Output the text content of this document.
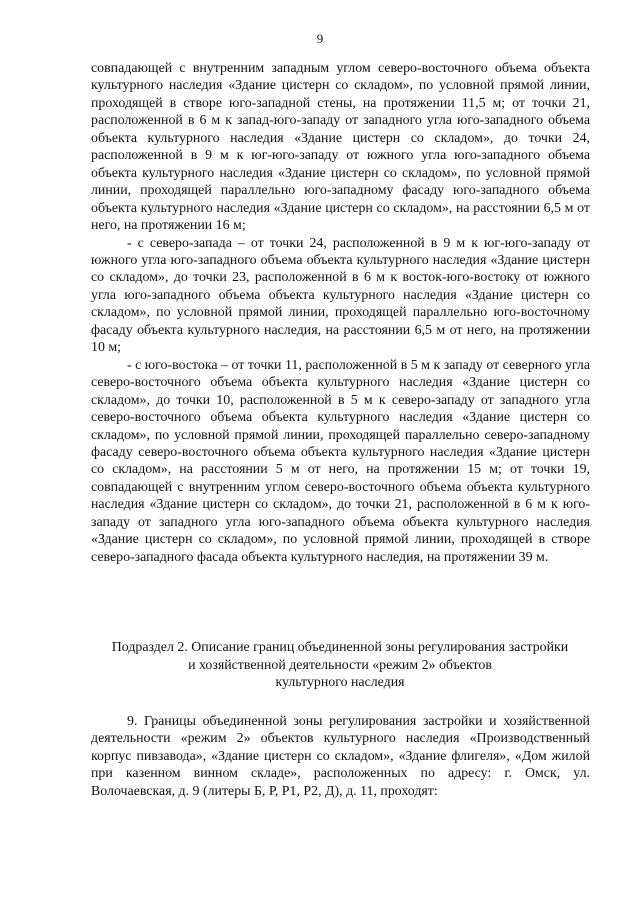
9

совпадающей с внутренним западным углом северо-восточного объема объекта культурного наследия «Здание цистерн со складом», по условной прямой линии, проходящей в створе юго-западной стены, на протяжении 11,5 м; от точки 21, расположенной в 6 м к запад-юго-западу от западного угла юго-западного объема объекта культурного наследия «Здание цистерн со складом», до точки 24, расположенной в 9 м к юг-юго-западу от южного угла юго-западного объема объекта культурного наследия «Здание цистерн со складом», по условной прямой линии, проходящей параллельно юго-западному фасаду юго-западного объема объекта культурного наследия «Здание цистерн со складом», на расстоянии 6,5 м от него, на протяжении 16 м;

- с северо-запада – от точки 24, расположенной в 9 м к юг-юго-западу от южного угла юго-западного объема объекта культурного наследия «Здание цистерн со складом», до точки 23, расположенной в 6 м к восток-юго-востоку от южного угла юго-западного объема объекта культурного наследия «Здание цистерн со складом», по условной прямой линии, проходящей параллельно юго-восточному фасаду объекта культурного наследия, на расстоянии 6,5 м от него, на протяжении 10 м;

- с юго-востока – от точки 11, расположенной в 5 м к западу от северного угла северо-восточного объема объекта культурного наследия «Здание цистерн со складом», до точки 10, расположенной в 5 м к северо-западу от западного угла северо-восточного объема объекта культурного наследия «Здание цистерн со складом», по условной прямой линии, проходящей параллельно северо-западному фасаду северо-восточного объема объекта культурного наследия «Здание цистерн со складом», на расстоянии 5 м от него, на протяжении 15 м; от точки 19, совпадающей с внутренним углом северо-восточного объема объекта культурного наследия «Здание цистерн со складом», до точки 21, расположенной в 6 м к юго-западу от западного угла юго-западного объема объекта культурного наследия «Здание цистерн со складом», по условной прямой линии, проходящей в створе северо-западного фасада объекта культурного наследия, на протяжении 39 м.

Подраздел 2. Описание границ объединенной зоны регулирования застройки
и хозяйственной деятельности «режим 2» объектов
культурного наследия

9. Границы объединенной зоны регулирования застройки и хозяйственной деятельности «режим 2» объектов культурного наследия «Производственный корпус пивзавода», «Здание цистерн со складом», «Здание флигеля», «Дом жилой при казенном винном складе», расположенных по адресу: г. Омск, ул. Волочаевская, д. 9 (литеры Б, Р, Р1, Р2, Д), д. 11, проходят:
